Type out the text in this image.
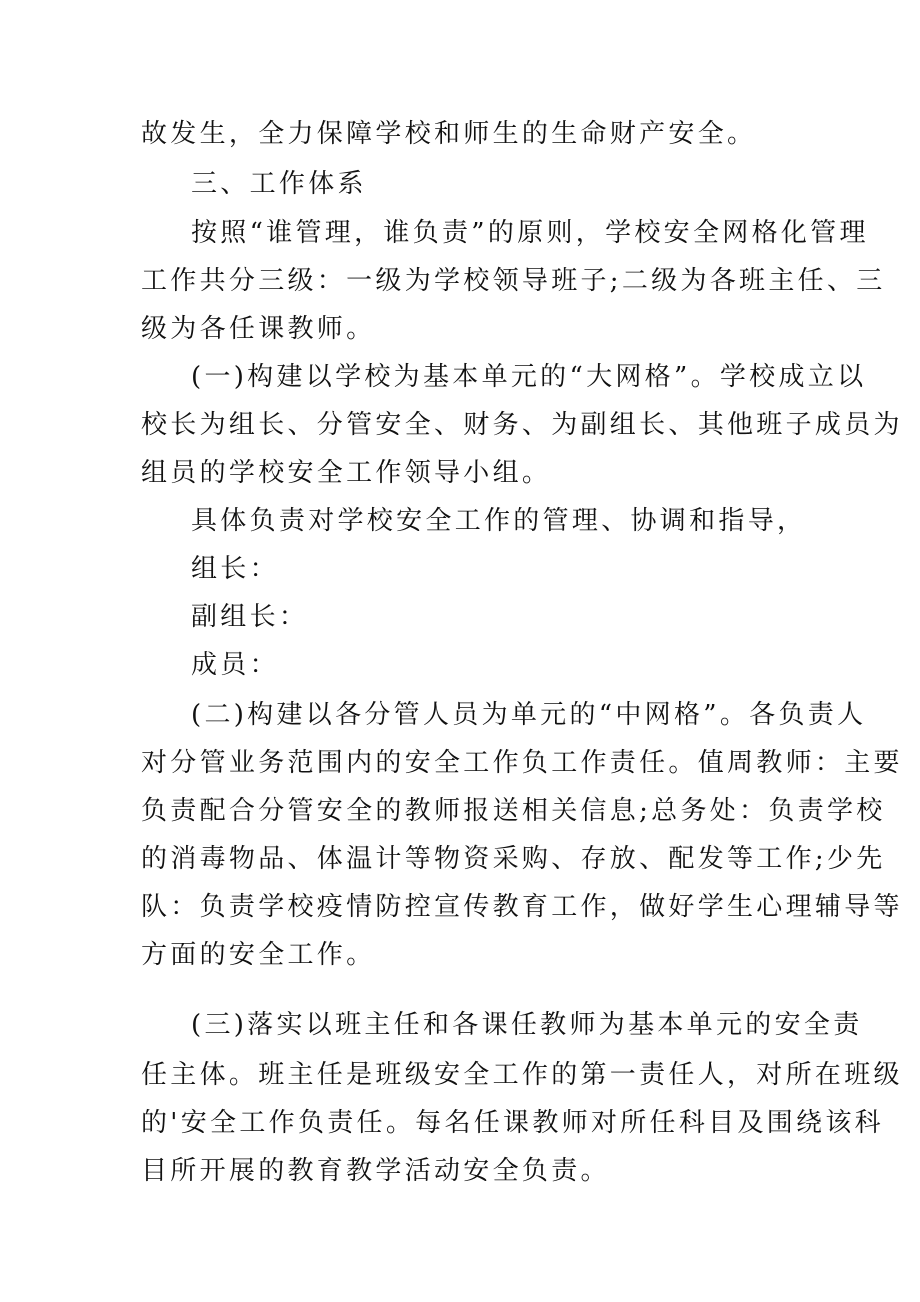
故发生，全力保障学校和师生的生命财产安全。

三、工作体系

按照“谁管理，谁负责”的原则，学校安全网格化管理

工作共分三级：一级为学校领导班子;二级为各班主任、三

级为各任课教师。

(一)构建以学校为基本单元的“大网格”。学校成立以

校长为组长、分管安全、财务、为副组长、其他班子成员为

组员的学校安全工作领导小组。

具体负责对学校安全工作的管理、协调和指导，

组长：

副组长：

成员：

(二)构建以各分管人员为单元的“中网格”。各负责人

对分管业务范围内的安全工作负工作责任。值周教师：主要

负责配合分管安全的教师报送相关信息;总务处：负责学校

的消毒物品、体温计等物资采购、存放、配发等工作;少先

队：负责学校疫情防控宣传教育工作，做好学生心理辅导等

方面的安全工作。

(三)落实以班主任和各课任教师为基本单元的安全责

任主体。班主任是班级安全工作的第一责任人，对所在班级

的'安全工作负责任。每名任课教师对所任科目及围绕该科

目所开展的教育教学活动安全负责。
